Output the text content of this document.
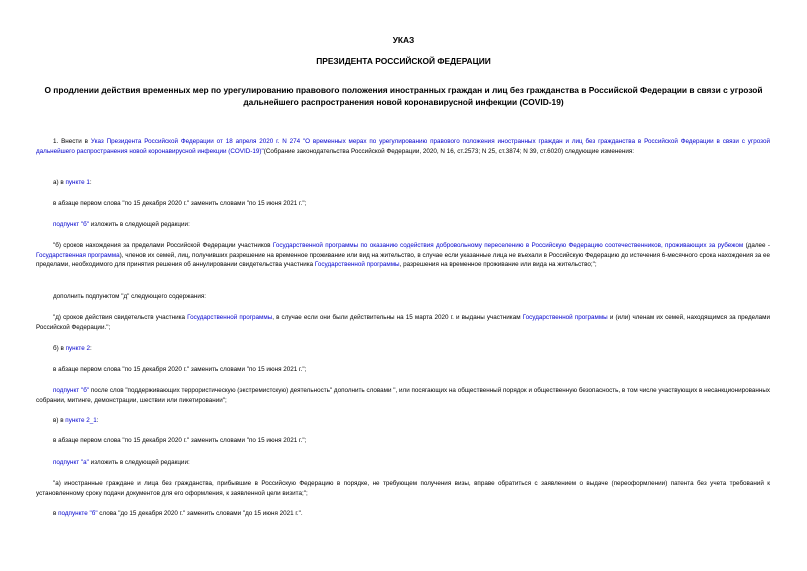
УКАЗ
ПРЕЗИДЕНТА РОССИЙСКОЙ ФЕДЕРАЦИИ
О продлении действия временных мер по урегулированию правового положения иностранных граждан и лиц без гражданства в Российской Федерации в связи с угрозой дальнейшего распространения новой коронавирусной инфекции (COVID-19)
1. Внести в Указ Президента Российской Федерации от 18 апреля 2020 г. N 274 "О временных мерах по урегулированию правового положения иностранных граждан и лиц без гражданства в Российской Федерации в связи с угрозой дальнейшего распространения новой коронавирусной инфекции (COVID-19)"(Собрание законодательства Российской Федерации, 2020, N 16, ст.2573; N 25, ст.3874; N 39, ст.6020) следующие изменения:
а) в пункте 1:
в абзаце первом слова "по 15 декабря 2020 г." заменить словами "по 15 июня 2021 г.";
подпункт "б" изложить в следующей редакции:
"б) сроков нахождения за пределами Российской Федерации участников Государственной программы по оказанию содействия добровольному переселению в Российскую Федерацию соотечественников, проживающих за рубежом (далее - Государственная программа), членов их семей, лиц, получивших разрешение на временное проживание или вид на жительство, в случае если указанные лица не въехали в Российскую Федерацию до истечения 6-месячного срока нахождения за ее пределами, необходимого для принятия решения об аннулировании свидетельства участника Государственной программы, разрешения на временное проживание или вида на жительство;";
дополнить подпунктом "д" следующего содержания:
"д) сроков действия свидетельств участника Государственной программы, в случае если они были действительны на 15 марта 2020 г. и выданы участникам Государственной программы и (или) членам их семей, находящимся за пределами Российской Федерации.";
б) в пункте 2:
в абзаце первом слова "по 15 декабря 2020 г." заменить словами "по 15 июня 2021 г.";
подпункт "б" после слов "поддерживающих террористическую (экстремистскую) деятельность" дополнить словами ", или посягающих на общественный порядок и общественную безопасность, в том числе участвующих в несанкционированных собрании, митинге, демонстрации, шествии или пикетировании";
в) в пункте 2_1:
в абзаце первом слова "по 15 декабря 2020 г." заменить словами "по 15 июня 2021 г.";
подпункт "а" изложить в следующей редакции:
"а) иностранные граждане и лица без гражданства, прибывшие в Российскую Федерацию в порядке, не требующем получения визы, вправе обратиться с заявлением о выдаче (переоформлении) патента без учета требований к установленному сроку подачи документов для его оформления, к заявленной цели визита;";
в подпункте "б" слова "до 15 декабря 2020 г." заменить словами "до 15 июня 2021 г.".
